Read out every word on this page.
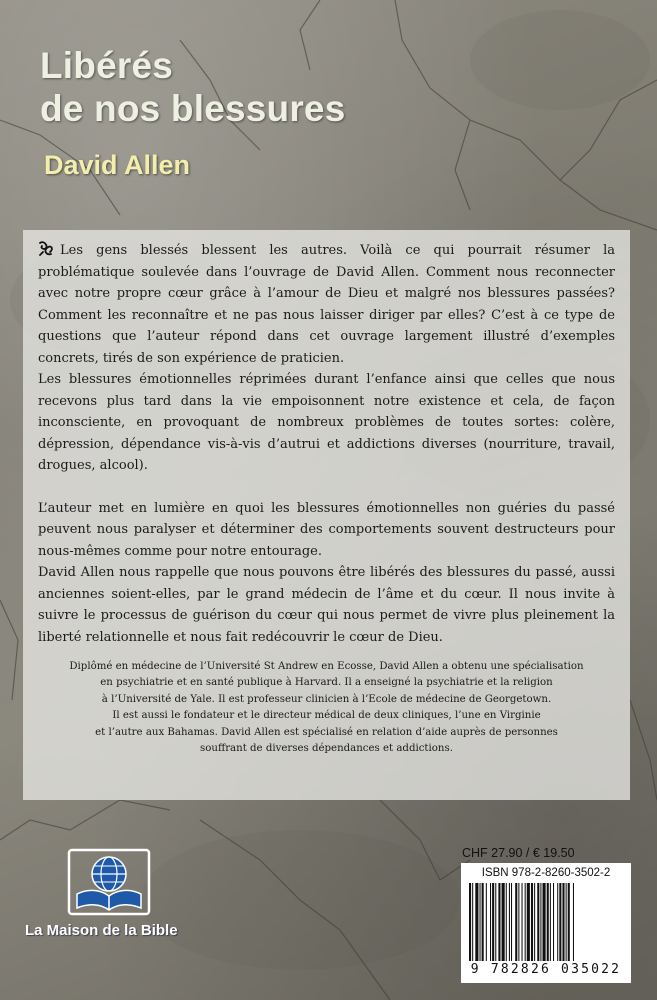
Libérés
de nos blessures
David Allen

Les gens blessés blessent les autres. Voilà ce qui pourrait résumer la problématique soulevée dans l’ouvrage de David Allen. Comment nous reconnecter avec notre propre cœur grâce à l’amour de Dieu et malgré nos blessures passées? Comment les reconnaître et ne pas nous laisser diriger par elles? C’est à ce type de questions que l’auteur répond dans cet ouvrage largement illustré d’exemples concrets, tirés de son expérience de praticien.

Les blessures émotionnelles réprimées durant l’enfance ainsi que celles que nous recevons plus tard dans la vie empoisonnent notre existence et cela, de façon inconsciente, en provoquant de nombreux problèmes de toutes sortes: colère, dépression, dépendance vis-à-vis d’autrui et addictions diverses (nourriture, travail, drogues, alcool).

L’auteur met en lumière en quoi les blessures émotionnelles non guéries du passé peuvent nous paralyser et déterminer des comportements souvent destructeurs pour nous-mêmes comme pour notre entourage.

David Allen nous rappelle que nous pouvons être libérés des blessures du passé, aussi anciennes soient-elles, par le grand médecin de l’âme et du cœur. Il nous invite à suivre le processus de guérison du cœur qui nous permet de vivre plus pleinement la liberté relationnelle et nous fait redécouvrir le cœur de Dieu.

Diplômé en médecine de l’Université St Andrew en Ecosse, David Allen a obtenu une spécialisation
en psychiatrie et en santé publique à Harvard. Il a enseigné la psychiatrie et la religion
à l’Université de Yale. Il est professeur clinicien à l’Ecole de médecine de Georgetown.
Il est aussi le fondateur et le directeur médical de deux cliniques, l’une en Virginie
et l’autre aux Bahamas. David Allen est spécialisé en relation d’aide auprès de personnes
souffrant de diverses dépendances et addictions.
La Maison de la Bible
CHF 27.90 / € 19.50
ISBN 978-2-8260-3502-2
9 782826 035022
